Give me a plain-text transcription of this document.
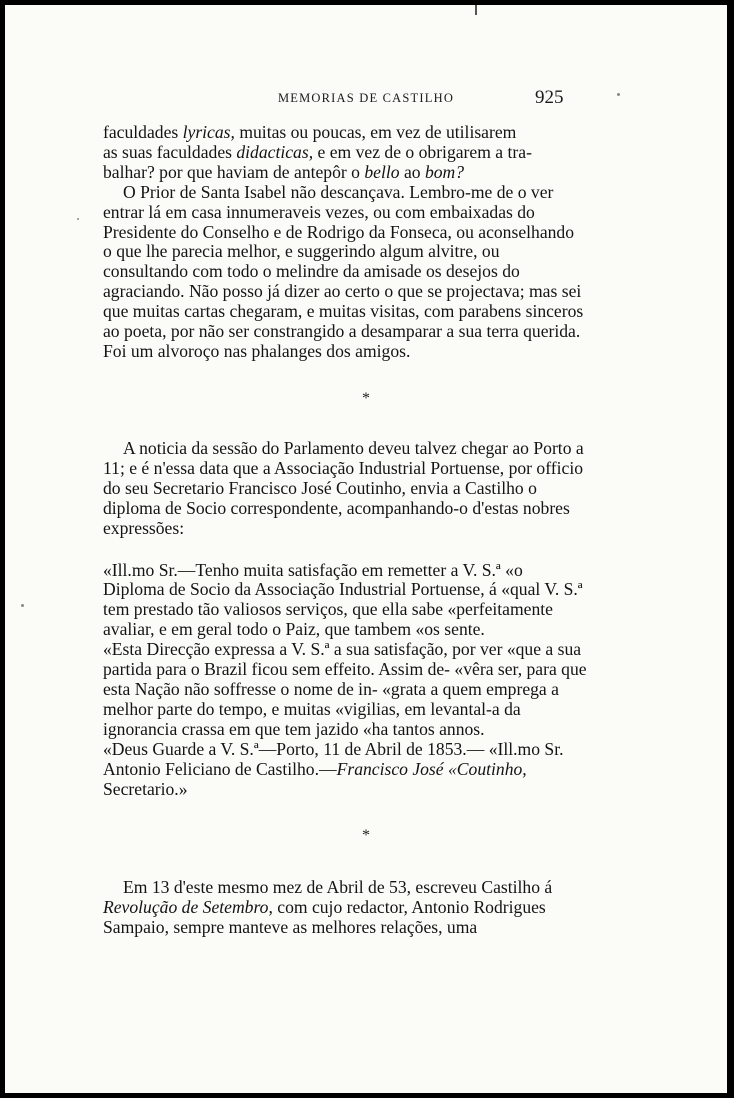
MEMORIAS DE CASTILHO	925

faculdades lyricas, muitas ou poucas, em vez de utilisarem

as suas faculdades didacticas, e em vez de o obrigarem a tra-

balhar? por que haviam de antepôr o bello ao bom?

O Prior de Santa Isabel não descançava. Lembro-me de o ver entrar lá em casa innumeraveis vezes, ou com embaixadas do Presidente do Conselho e de Rodrigo da Fonseca, ou aconselhando o que lhe parecia melhor, e suggerindo algum alvitre, ou consultando com todo o melindre da amisade os desejos do agraciando. Não posso já dizer ao certo o que se projectava; mas sei que muitas cartas chegaram, e muitas visitas, com parabens sinceros ao poeta, por não ser constrangido a desamparar a sua terra querida. Foi um alvoroço nas phalanges dos amigos.

*

A noticia da sessão do Parlamento deveu talvez chegar ao Porto a 11; e é n'essa data que a Associação Industrial Portuense, por officio do seu Secretario Francisco José Coutinho, envia a Castilho o diploma de Socio correspondente, acompanhando-o d'estas nobres expressões:

«Ill.mo Sr.—Tenho muita satisfação em remetter a V. S.ª «o Diploma de Socio da Associação Industrial Portuense, á «qual V. S.ª tem prestado tão valiosos serviços, que ella sabe «perfeitamente avaliar, e em geral todo o Paiz, que tambem «os sente.

«Esta Direcção expressa a V. S.ª a sua satisfação, por ver «que a sua partida para o Brazil ficou sem effeito. Assim de- «vêra ser, para que esta Nação não soffresse o nome de in- «grata a quem emprega a melhor parte do tempo, e muitas «vigilias, em levantal-a da ignorancia crassa em que tem jazido «ha tantos annos.

«Deus Guarde a V. S.ª—Porto, 11 de Abril de 1853.— «Ill.mo Sr. Antonio Feliciano de Castilho.—Francisco José «Coutinho, Secretario.»

*

Em 13 d'este mesmo mez de Abril de 53, escreveu Castilho á Revolução de Setembro, com cujo redactor, Antonio Rodrigues Sampaio, sempre manteve as melhores relações, uma
